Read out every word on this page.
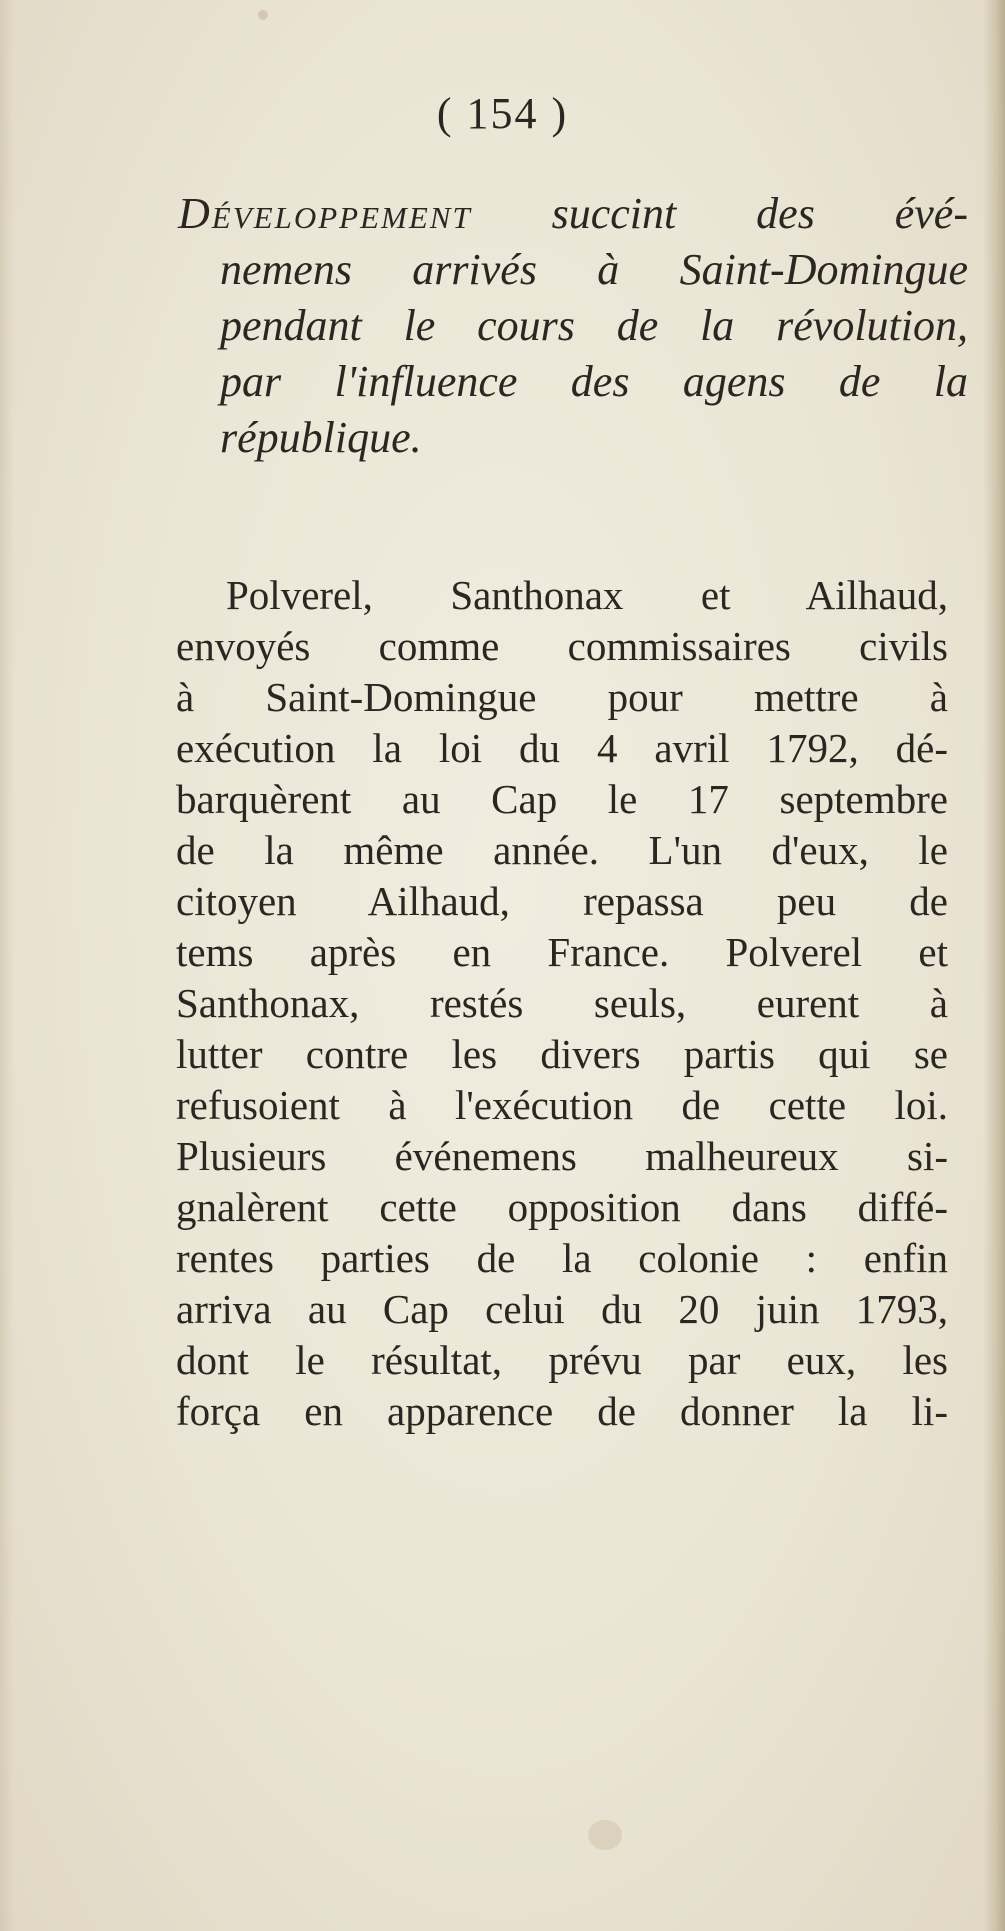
( 154 )
Développement succint des évé-
nemens arrivés à Saint-Domingue
pendant le cours de la révolution,
par l'influence des agens de la
république.
Polverel, Santhonax et Ailhaud,
envoyés comme commissaires civils
à Saint-Domingue pour mettre à
exécution la loi du 4 avril 1792, dé-
barquèrent au Cap le 17 septembre
de la même année. L'un d'eux, le
citoyen Ailhaud, repassa peu de
tems après en France. Polverel et
Santhonax, restés seuls, eurent à
lutter contre les divers partis qui se
refusoient à l'exécution de cette loi.
Plusieurs événemens malheureux si-
gnalèrent cette opposition dans diffé-
rentes parties de la colonie : enfin
arriva au Cap celui du 20 juin 1793,
dont le résultat, prévu par eux, les
força en apparence de donner la li-
